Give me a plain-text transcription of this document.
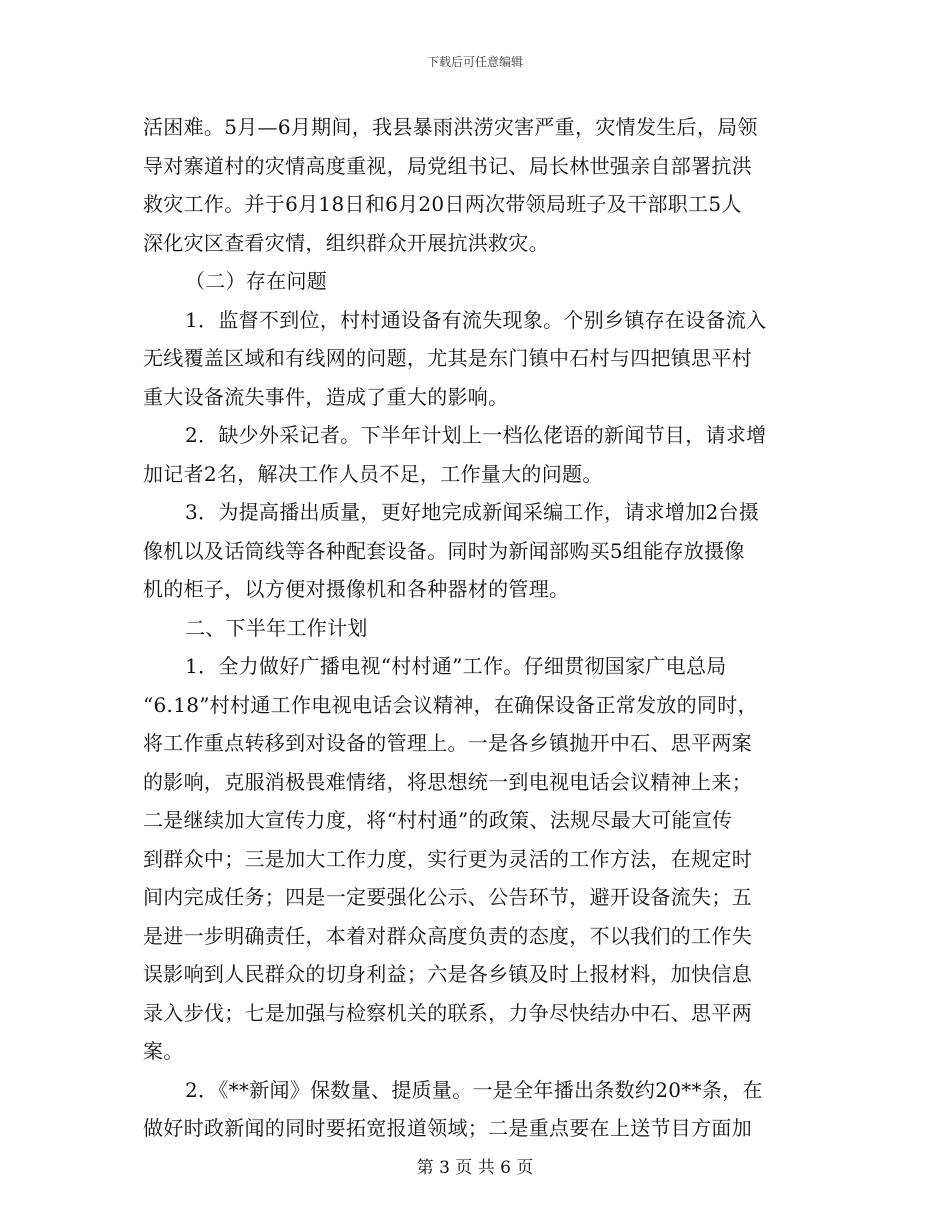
下载后可任意编辑
活困难。5月—6月期间，我县暴雨洪涝灾害严重，灾情发生后，局领
导对寨道村的灾情高度重视，局党组书记、局长林世强亲自部署抗洪
救灾工作。并于6月18日和6月20日两次带领局班子及干部职工5人
深化灾区查看灾情，组织群众开展抗洪救灾。
（二）存在问题
1．监督不到位，村村通设备有流失现象。个别乡镇存在设备流入
无线覆盖区域和有线网的问题，尤其是东门镇中石村与四把镇思平村
重大设备流失事件，造成了重大的影响。
2．缺少外采记者。下半年计划上一档仫佬语的新闻节目，请求增
加记者2名，解决工作人员不足，工作量大的问题。
3．为提高播出质量，更好地完成新闻采编工作，请求增加2台摄
像机以及话筒线等各种配套设备。同时为新闻部购买5组能存放摄像
机的柜子，以方便对摄像机和各种器材的管理。
二、下半年工作计划
1．全力做好广播电视“村村通”工作。仔细贯彻国家广电总局
“6.18”村村通工作电视电话会议精神，在确保设备正常发放的同时，
将工作重点转移到对设备的管理上。一是各乡镇抛开中石、思平两案
的影响，克服消极畏难情绪，将思想统一到电视电话会议精神上来；
二是继续加大宣传力度，将“村村通”的政策、法规尽最大可能宣传
到群众中；三是加大工作力度，实行更为灵活的工作方法，在规定时
间内完成任务；四是一定要强化公示、公告环节，避开设备流失；五
是进一步明确责任，本着对群众高度负责的态度，不以我们的工作失
误影响到人民群众的切身利益；六是各乡镇及时上报材料，加快信息
录入步伐；七是加强与检察机关的联系，力争尽快结办中石、思平两
案。
2．《**新闻》保数量、提质量。一是全年播出条数约20**条，在
做好时政新闻的同时要拓宽报道领域；二是重点要在上送节目方面加
第 3 页 共 6 页
